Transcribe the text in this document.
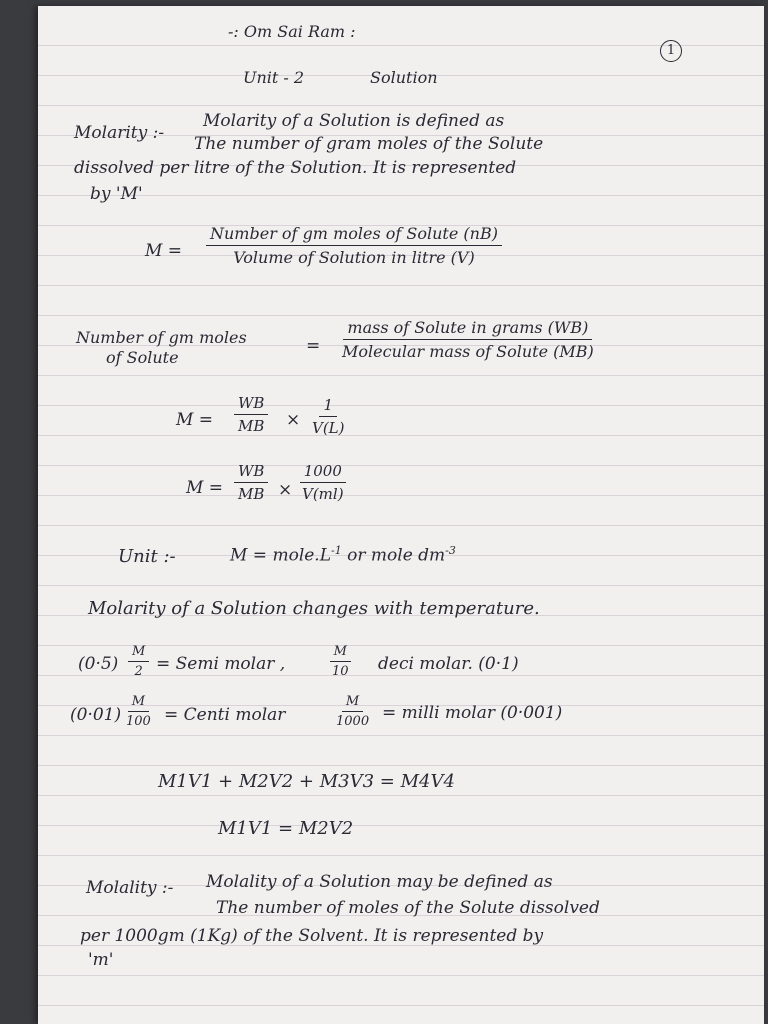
-: Om Sai Ram :
1
Unit - 2	Solution
Molarity :-
Molarity of a Solution is defined as
The number of gram moles of the Solute
dissolved per litre of the Solution. It is represented
by 'M'
M =
Number of gm moles of Solute (nB)
Volume of Solution in litre (V)
Number of gm moles
of Solute
=
mass of Solute in grams (WB)
Molecular mass of Solute (MB)
$M = \frac{WB}{MB} \times \frac{1}{V(L)}$
$M = \frac{WB}{MB} \times \frac{1000}{V(ml)}$
Unit :-	$M = mole.L^{-1}$ or mole $dm^{-3}$
Molarity of a Solution changes with temperature.
$(0\cdot 5) \frac{M}{2}$ = Semi molar ,	$\frac{M}{10}$ deci molar. (0·1)
$(0\cdot 01) \frac{M}{100}$ = Centi molar	$\frac{M}{1000}$ = milli molar (0·001)
M1V1 + M2V2 + M3V3 = M4V4
M1V1 = M2V2
Molality :- Molality of a Solution may be defined as
The number of moles of the Solute dissolved
per 1000gm (1Kg) of the Solvent. It is represented by
'm'
